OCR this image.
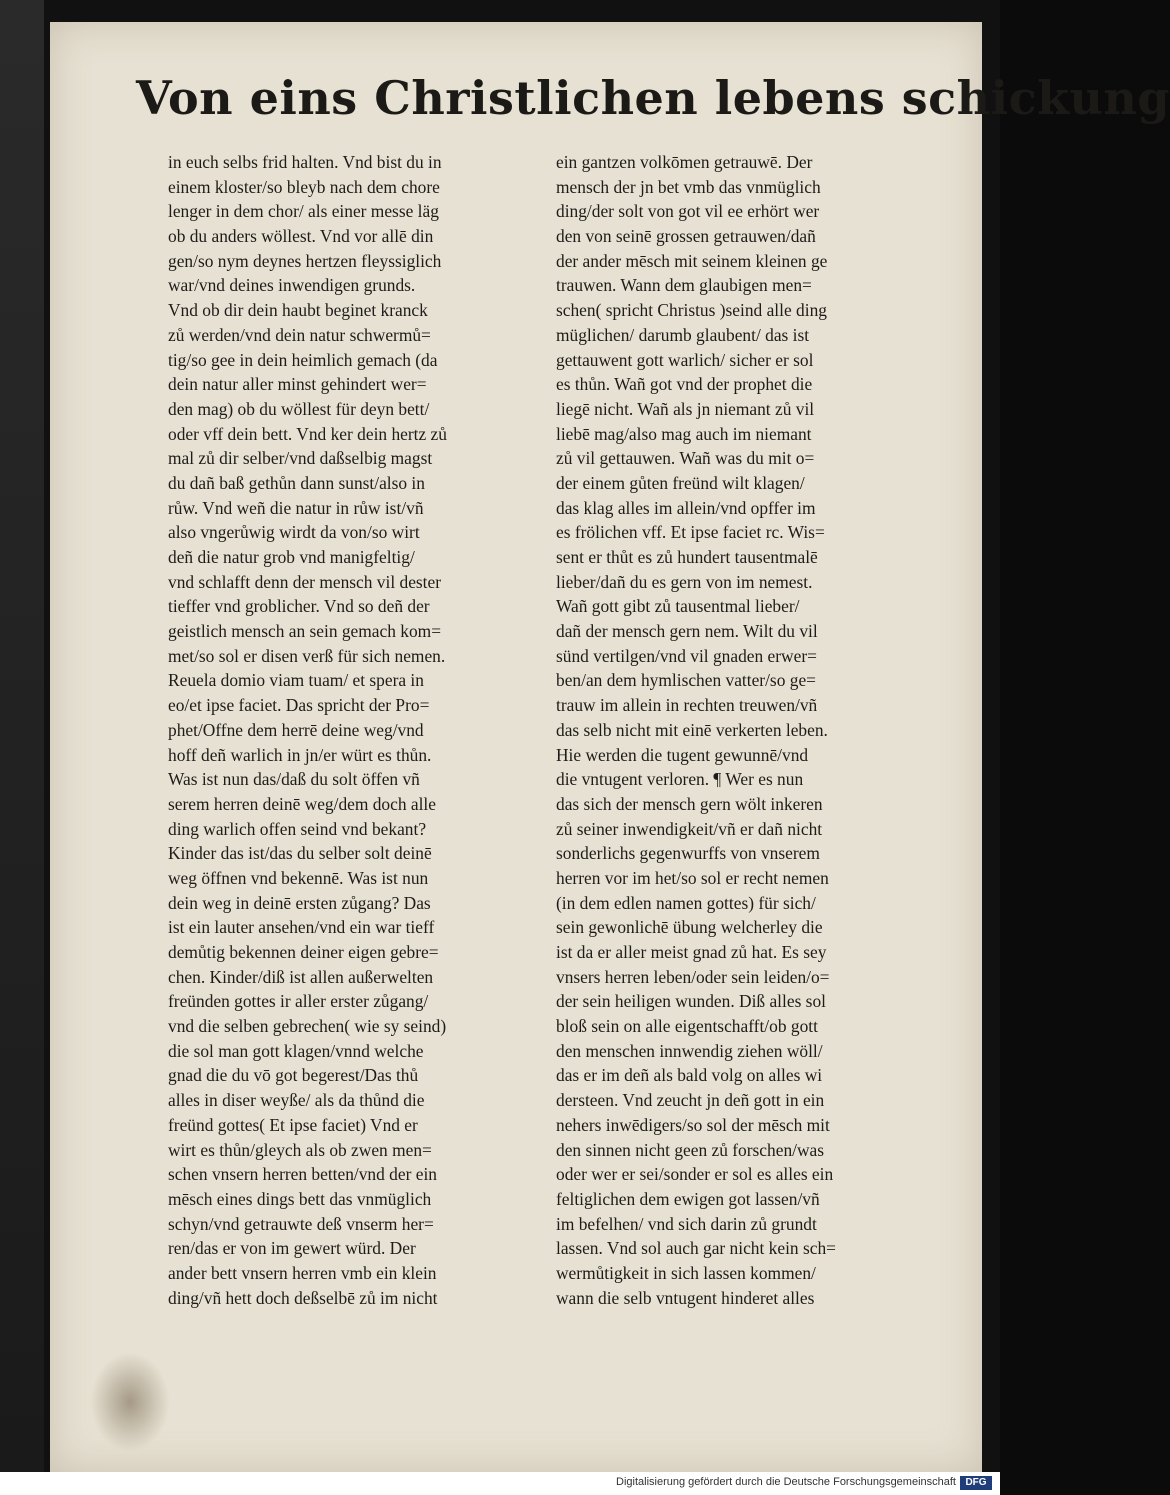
Von eins Christlichen lebens schickung
in euch selbs frid halten. Vnd bist du in
einem kloster/so bleyb nach dem chore
lenger in dem chor/ als einer messe läg
ob du anders wöllest. Vnd vor allē din
gen/so nym deynes hertzen fleyssiglich
war/vnd deines inwendigen grunds.
Vnd ob dir dein haubt beginet kranck
zů werden/vnd dein natur schwermů=
tig/so gee in dein heimlich gemach (da
dein natur aller minst gehindert wer=
den mag) ob du wöllest für deyn bett/
oder vff dein bett. Vnd ker dein hertz zů
mal zů dir selber/vnd daßselbig magst
du dañ baß gethůn dann sunst/also in
růw. Vnd weñ die natur in růw ist/vñ
also vngerůwig wirdt da von/so wirt
deñ die natur grob vnd manigfeltig/
vnd schlafft denn der mensch vil dester
tieffer vnd groblicher. Vnd so deñ der
geistlich mensch an sein gemach kom=
met/so sol er disen verß für sich nemen.
Reuela domio viam tuam/ et spera in
eo/et ipse faciet. Das spricht der Pro=
phet/Offne dem herrē deine weg/vnd
hoff deñ warlich in jn/er würt es thůn.
Was ist nun das/daß du solt öffen vñ
serem herren deinē weg/dem doch alle
ding warlich offen seind vnd bekant?
Kinder das ist/das du selber solt deinē
weg öffnen vnd bekennē. Was ist nun
dein weg in deinē ersten zůgang? Das
ist ein lauter ansehen/vnd ein war tieff
demůtig bekennen deiner eigen gebre=
chen. Kinder/diß ist allen außerwelten
freünden gottes ir aller erster zůgang/
vnd die selben gebrechen( wie sy seind)
die sol man gott klagen/vnnd welche
gnad die du vō got begerest/Das thů
alles in diser weyße/ als da thůnd die
freünd gottes( Et ipse faciet) Vnd er
wirt es thůn/gleych als ob zwen men=
schen vnsern herren betten/vnd der ein
mēsch eines dings bett das vnmüglich
schyn/vnd getrauwte deß vnserm her=
ren/das er von im gewert würd. Der
ander bett vnsern herren vmb ein klein
ding/vñ hett doch deßselbē zů im nicht
ein gantzen volkōmen getrauwē. Der
mensch der jn bet vmb das vnmüglich
ding/der solt von got vil ee erhört wer
den von seinē grossen getrauwen/dañ
der ander mēsch mit seinem kleinen ge
trauwen. Wann dem glaubigen men=
schen( spricht Christus )seind alle ding
müglichen/ darumb glaubent/ das ist
gettauwent gott warlich/ sicher er sol
es thůn. Wañ got vnd der prophet die
liegē nicht. Wañ als jn niemant zů vil
liebē mag/also mag auch im niemant
zů vil gettauwen. Wañ was du mit o=
der einem gůten freünd wilt klagen/
das klag alles im allein/vnd opffer im
es frölichen vff. Et ipse faciet rc. Wis=
sent er thůt es zů hundert tausentmalē
lieber/dañ du es gern von im nemest.
Wañ gott gibt zů tausentmal lieber/
dañ der mensch gern nem. Wilt du vil
sünd vertilgen/vnd vil gnaden erwer=
ben/an dem hymlischen vatter/so ge=
trauw im allein in rechten treuwen/vñ
das selb nicht mit einē verkerten leben.
Hie werden die tugent gewunnē/vnd
die vntugent verloren. ¶ Wer es nun
das sich der mensch gern wölt inkeren
zů seiner inwendigkeit/vñ er dañ nicht
sonderlichs gegenwurffs von vnserem
herren vor im het/so sol er recht nemen
(in dem edlen namen gottes) für sich/
sein gewonlichē übung welcherley die
ist da er aller meist gnad zů hat. Es sey
vnsers herren leben/oder sein leiden/o=
der sein heiligen wunden. Diß alles sol
bloß sein on alle eigentschafft/ob gott
den menschen innwendig ziehen wöll/
das er im deñ als bald volg on alles wi
dersteen. Vnd zeucht jn deñ gott in ein
nehers inwēdigers/so sol der mēsch mit
den sinnen nicht geen zů forschen/was
oder wer er sei/sonder er sol es alles ein
feltiglichen dem ewigen got lassen/vñ
im befelhen/ vnd sich darin zů grundt
lassen. Vnd sol auch gar nicht kein sch=
wermůtigkeit in sich lassen kommen/
wann die selb vntugent hinderet alles
Digitalisierung gefördert durch die Deutsche Forschungsgemeinschaft DFG
